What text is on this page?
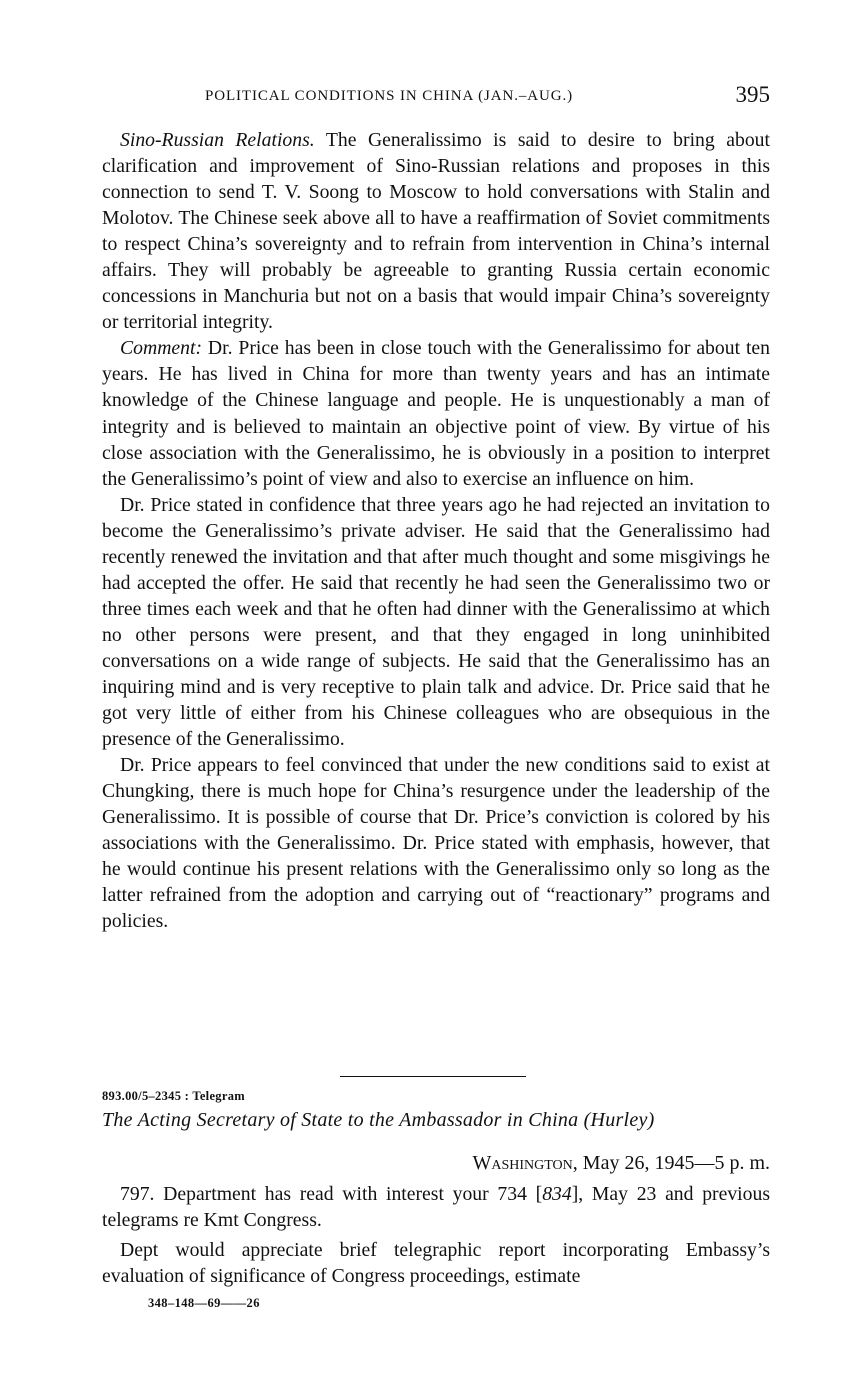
POLITICAL CONDITIONS IN CHINA (JAN.–AUG.)	395

Sino-Russian Relations. The Generalissimo is said to desire to bring about clarification and improvement of Sino-Russian relations and proposes in this connection to send T. V. Soong to Moscow to hold conversations with Stalin and Molotov. The Chinese seek above all to have a reaffirmation of Soviet commitments to respect China’s sovereignty and to refrain from intervention in China’s internal affairs. They will probably be agreeable to granting Russia certain economic concessions in Manchuria but not on a basis that would impair China’s sovereignty or territorial integrity.

Comment: Dr. Price has been in close touch with the Generalissimo for about ten years. He has lived in China for more than twenty years and has an intimate knowledge of the Chinese language and people. He is unquestionably a man of integrity and is believed to maintain an objective point of view. By virtue of his close association with the Generalissimo, he is obviously in a position to interpret the Generalissimo’s point of view and also to exercise an influence on him.

Dr. Price stated in confidence that three years ago he had rejected an invitation to become the Generalissimo’s private adviser. He said that the Generalissimo had recently renewed the invitation and that after much thought and some misgivings he had accepted the offer. He said that recently he had seen the Generalissimo two or three times each week and that he often had dinner with the Generalissimo at which no other persons were present, and that they engaged in long uninhibited conversations on a wide range of subjects. He said that the Generalissimo has an inquiring mind and is very receptive to plain talk and advice. Dr. Price said that he got very little of either from his Chinese colleagues who are obsequious in the presence of the Generalissimo.

Dr. Price appears to feel convinced that under the new conditions said to exist at Chungking, there is much hope for China’s resurgence under the leadership of the Generalissimo. It is possible of course that Dr. Price’s conviction is colored by his associations with the Generalissimo. Dr. Price stated with emphasis, however, that he would continue his present relations with the Generalissimo only so long as the latter refrained from the adoption and carrying out of “reactionary” programs and policies.

893.00/5–2345 : Telegram
The Acting Secretary of State to the Ambassador in China (Hurley)
Washington, May 26, 1945—5 p. m.

797. Department has read with interest your 734 [834], May 23 and previous telegrams re Kmt Congress.

Dept would appreciate brief telegraphic report incorporating Embassy’s evaluation of significance of Congress proceedings, estimate

348–148—69——26
